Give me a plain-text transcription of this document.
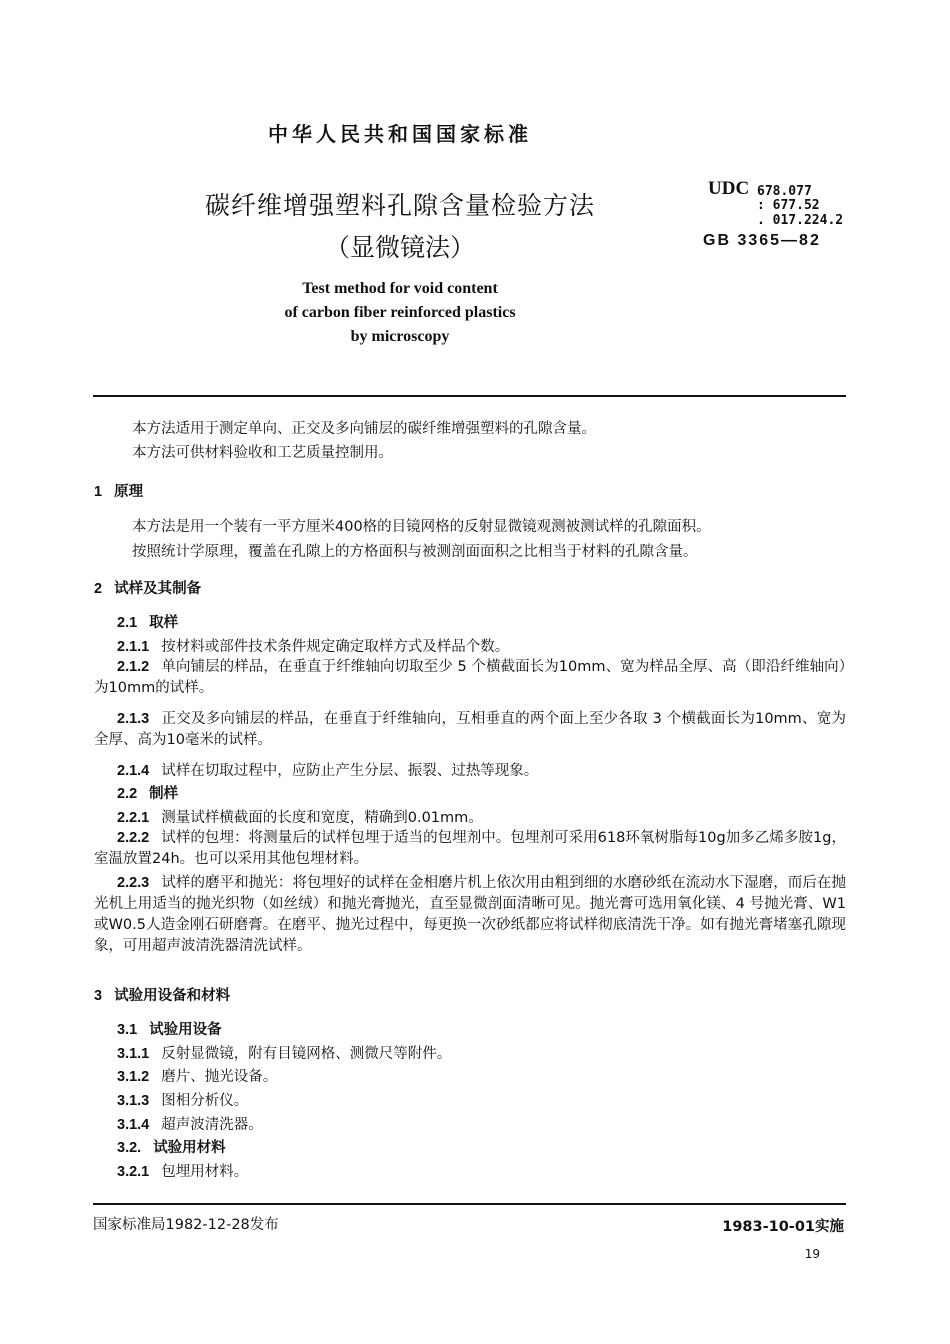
中华人民共和国国家标准
碳纤维增强塑料孔隙含量检验方法
（显微镜法）
Test method for void content
of carbon fiber reinforced plastics
by microscopy
UDC 678.077
: 677.52
. 017.224.2
GB 3365—82
本方法适用于测定单向、正交及多向铺层的碳纤维增强塑料的孔隙含量。
本方法可供材料验收和工艺质量控制用。
1 原理
本方法是用一个装有一平方厘米400格的目镜网格的反射显微镜观测被测试样的孔隙面积。
按照统计学原理，覆盖在孔隙上的方格面积与被测剖面面积之比相当于材料的孔隙含量。
2 试样及其制备
2.1 取样
2.1.1 按材料或部件技术条件规定确定取样方式及样品个数。
2.1.2 单向铺层的样品，在垂直于纤维轴向切取至少 5 个横截面长为10mm、宽为样品全厚、高（即沿纤维轴向）为10mm的试样。
2.1.3 正交及多向铺层的样品，在垂直于纤维轴向，互相垂直的两个面上至少各取 3 个横截面长为10mm、宽为全厚、高为10毫米的试样。
2.1.4 试样在切取过程中，应防止产生分层、振裂、过热等现象。
2.2 制样
2.2.1 测量试样横截面的长度和宽度，精确到0.01mm。
2.2.2 试样的包埋：将测量后的试样包埋于适当的包埋剂中。包埋剂可采用618环氧树脂每10g加多乙烯多胺1g，室温放置24h。也可以采用其他包埋材料。
2.2.3 试样的磨平和抛光：将包埋好的试样在金相磨片机上依次用由粗到细的水磨砂纸在流动水下湿磨，而后在抛光机上用适当的抛光织物（如丝绒）和抛光膏抛光，直至显微剖面清晰可见。抛光膏可选用氧化镁、4 号抛光膏、W1或W0.5人造金刚石研磨膏。在磨平、抛光过程中，每更换一次砂纸都应将试样彻底清洗干净。如有抛光膏堵塞孔隙现象，可用超声波清洗器清洗试样。
3 试验用设备和材料
3.1 试验用设备
3.1.1 反射显微镜，附有目镜网格、测微尺等附件。
3.1.2 磨片、抛光设备。
3.1.3 图相分析仪。
3.1.4 超声波清洗器。
3.2. 试验用材料
3.2.1 包埋用材料。
国家标准局1982-12-28发布	1983-10-01实施
19
